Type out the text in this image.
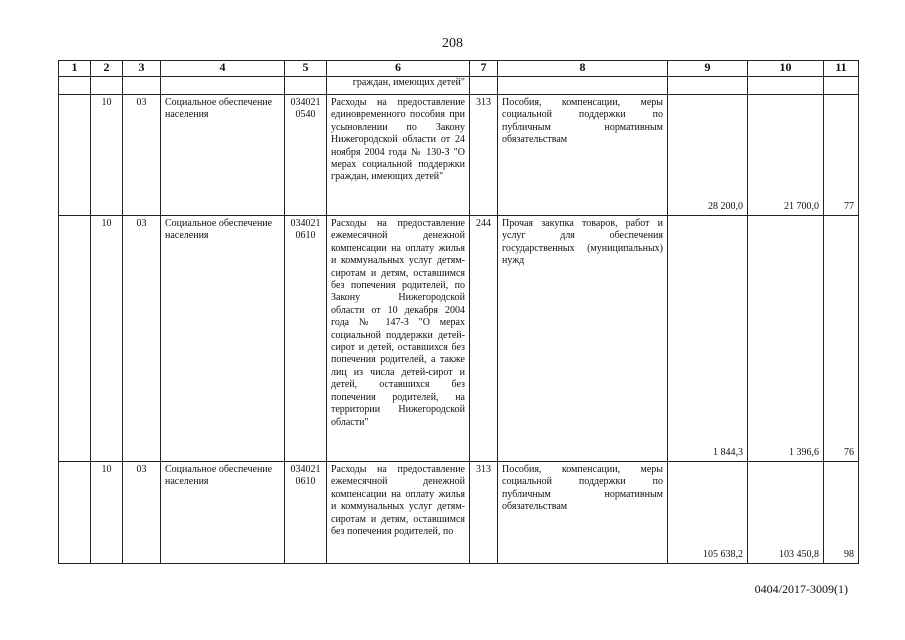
208
1	2	3	4	5	6	7	8	9	10	11
					граждан, имеющих детей"					
	10	03	Социальное обеспечение населения	034021 0540	Расходы на предоставление единовременного пособия при усыновлении по Закону Нижегородской области от 24 ноября 2004 года № 130-З "О мерах социальной поддержки граждан, имеющих детей"	313	Пособия, компенсации, меры социальной поддержки по публичным нормативным обязательствам	28 200,0	21 700,0	77
	10	03	Социальное обеспечение населения	034021 0610	Расходы на предоставление ежемесячной денежной компенсации на оплату жилья и коммунальных услуг детям-сиротам и детям, оставшимся без попечения родителей, по Закону Нижегородской области от 10 декабря 2004 года № 147-З "О мерах социальной поддержки детей-сирот и детей, оставшихся без попечения родителей, а также лиц из числа детей-сирот и детей, оставшихся без попечения родителей, на территории Нижегородской области"	244	Прочая закупка товаров, работ и услуг для обеспечения государственных (муниципальных) нужд	1 844,3	1 396,6	76
	10	03	Социальное обеспечение населения	034021 0610	Расходы на предоставление ежемесячной денежной компенсации на оплату жилья и коммунальных услуг детям-сиротам и детям, оставшимся без попечения родителей, по	313	Пособия, компенсации, меры социальной поддержки по публичным нормативным обязательствам	105 638,2	103 450,8	98
0404/2017-3009(1)
